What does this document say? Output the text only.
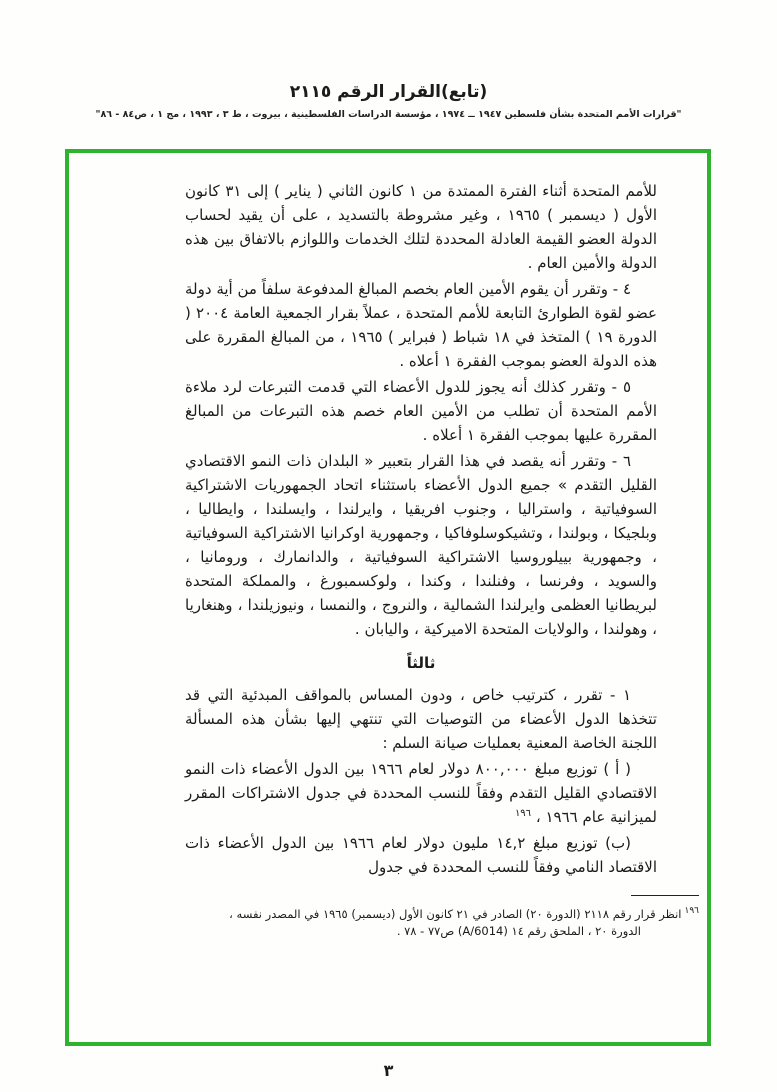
(تابع)القرار الرقم ٢١١٥
"قرارات الأمم المتحدة بشأن فلسطين ١٩٤٧ ــ ١٩٧٤ ، مؤسسة الدراسات الفلسطينية ، بيروت ، ط ٣ ، ١٩٩٣ ، مج ١ ، ص٨٤ - ٨٦"

للأمم المتحدة أثناء الفترة الممتدة من ١ كانون الثاني ( يناير ) إلى ٣١ كانون الأول ( ديسمبر ) ١٩٦٥ ، وغير مشروطة بالتسديد ، على أن يقيد لحساب الدولة العضو القيمة العادلة المحددة لتلك الخدمات واللوازم بالاتفاق بين هذه الدولة والأمين العام .

٤ - وتقرر أن يقوم الأمين العام بخصم المبالغ المدفوعة سلفاً من أية دولة عضو لقوة الطوارئ التابعة للأمم المتحدة ، عملاً بقرار الجمعية العامة ٢٠٠٤ ( الدورة ١٩ ) المتخذ في ١٨ شباط ( فبراير ) ١٩٦٥ ، من المبالغ المقررة على هذه الدولة العضو بموجب الفقرة ١ أعلاه .

٥ - وتقرر كذلك أنه يجوز للدول الأعضاء التي قدمت التبرعات لرد ملاءة الأمم المتحدة أن تطلب من الأمين العام خصم هذه التبرعات من المبالغ المقررة عليها بموجب الفقرة ١ أعلاه .

٦ - وتقرر أنه يقصد في هذا القرار بتعبير « البلدان ذات النمو الاقتصادي القليل التقدم » جميع الدول الأعضاء باستثناء اتحاد الجمهوريات الاشتراكية السوفياتية ، واستراليا ، وجنوب افريقيا ، وايرلندا ، وايسلندا ، وايطاليا ، وبلجيكا ، وبولندا ، وتشيكوسلوفاكيا ، وجمهورية اوكرانيا الاشتراكية السوفياتية ، وجمهورية بييلوروسيا الاشتراكية السوفياتية ، والدانمارك ، ورومانيا ، والسويد ، وفرنسا ، وفنلندا ، وكندا ، ولوكسمبورغ ، والمملكة المتحدة لبريطانيا العظمى وايرلندا الشمالية ، والنروج ، والنمسا ، ونيوزيلندا ، وهنغاريا ، وهولندا ، والولايات المتحدة الاميركية ، واليابان .

ثالثاً

١ - تقرر ، كترتيب خاص ، ودون المساس بالمواقف المبدئية التي قد تتخذها الدول الأعضاء من التوصيات التي تنتهي إليها بشأن هذه المسألة اللجنة الخاصة المعنية بعمليات صيانة السلم :

( أ ) توزيع مبلغ ٨٠٠,٠٠٠ دولار لعام ١٩٦٦ بين الدول الأعضاء ذات النمو الاقتصادي القليل التقدم وفقاً للنسب المحددة في جدول الاشتراكات المقرر لميزانية عام ١٩٦٦ ، $^{١٩٦}$

(ب) توزيع مبلغ ١٤,٢ مليون دولار لعام ١٩٦٦ بين الدول الأعضاء ذات الاقتصاد النامي وفقاً للنسب المحددة في جدول

$^{١٩٦}$انظر قرار رقم ٢١١٨ (الدورة ٢٠) الصادر في ٢١ كانون الأول (ديسمبر) ١٩٦٥ في المصدر نفسه ،
الدورة ٢٠ ، الملحق رقم ١٤ (A/6014) ص٧٧ - ٧٨ .
٣
